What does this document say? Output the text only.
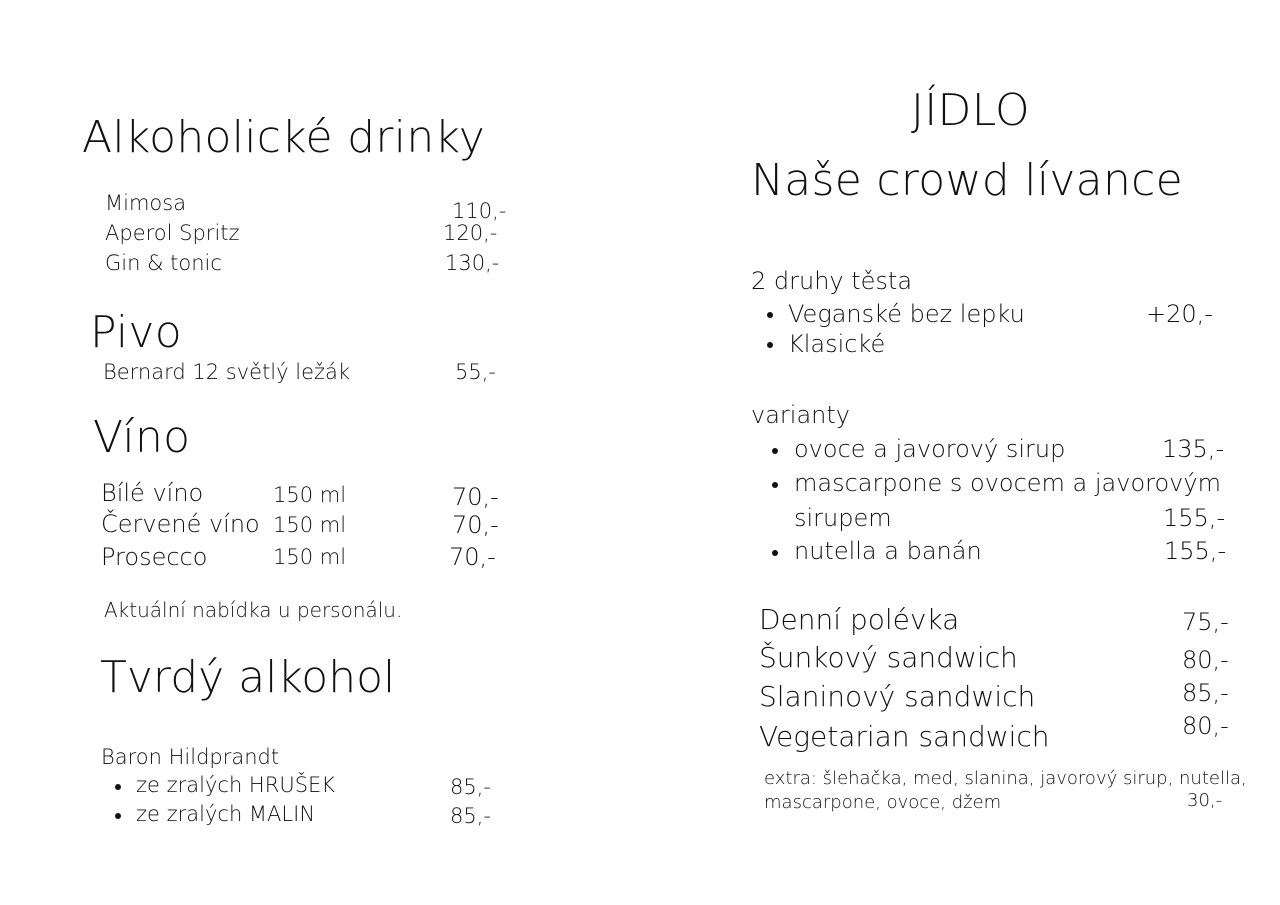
Alkoholické drinky
Mimosa	110,-
Aperol Spritz	120,-
Gin & tonic	130,-
Pivo
Bernard 12 světlý ležák	55,-
Víno
Bílé víno	150 ml	70,-
Červené víno 150 ml	70,-
Prosecco	150 ml	70,-
Aktuální nabídka u personálu.
Tvrdý alkohol
Baron Hildprandt
ze zralých HRUŠEK	85,-
ze zralých MALIN	85,-
JÍDLO
Naše crowd lívance
2 druhy těsta
Veganské bez lepku	+20,-
Klasické
varianty
ovoce a javorový sirup	135,-
mascarpone s ovocem a javorovým
sirupem	155,-
nutella a banán	155,-
Denní polévka	75,-
Šunkový sandwich	80,-
Slaninový sandwich	85,-
Vegetarian sandwich	80,-
extra: šlehačka, med, slanina, javorový sirup, nutella,
mascarpone, ovoce, džem	30,-
